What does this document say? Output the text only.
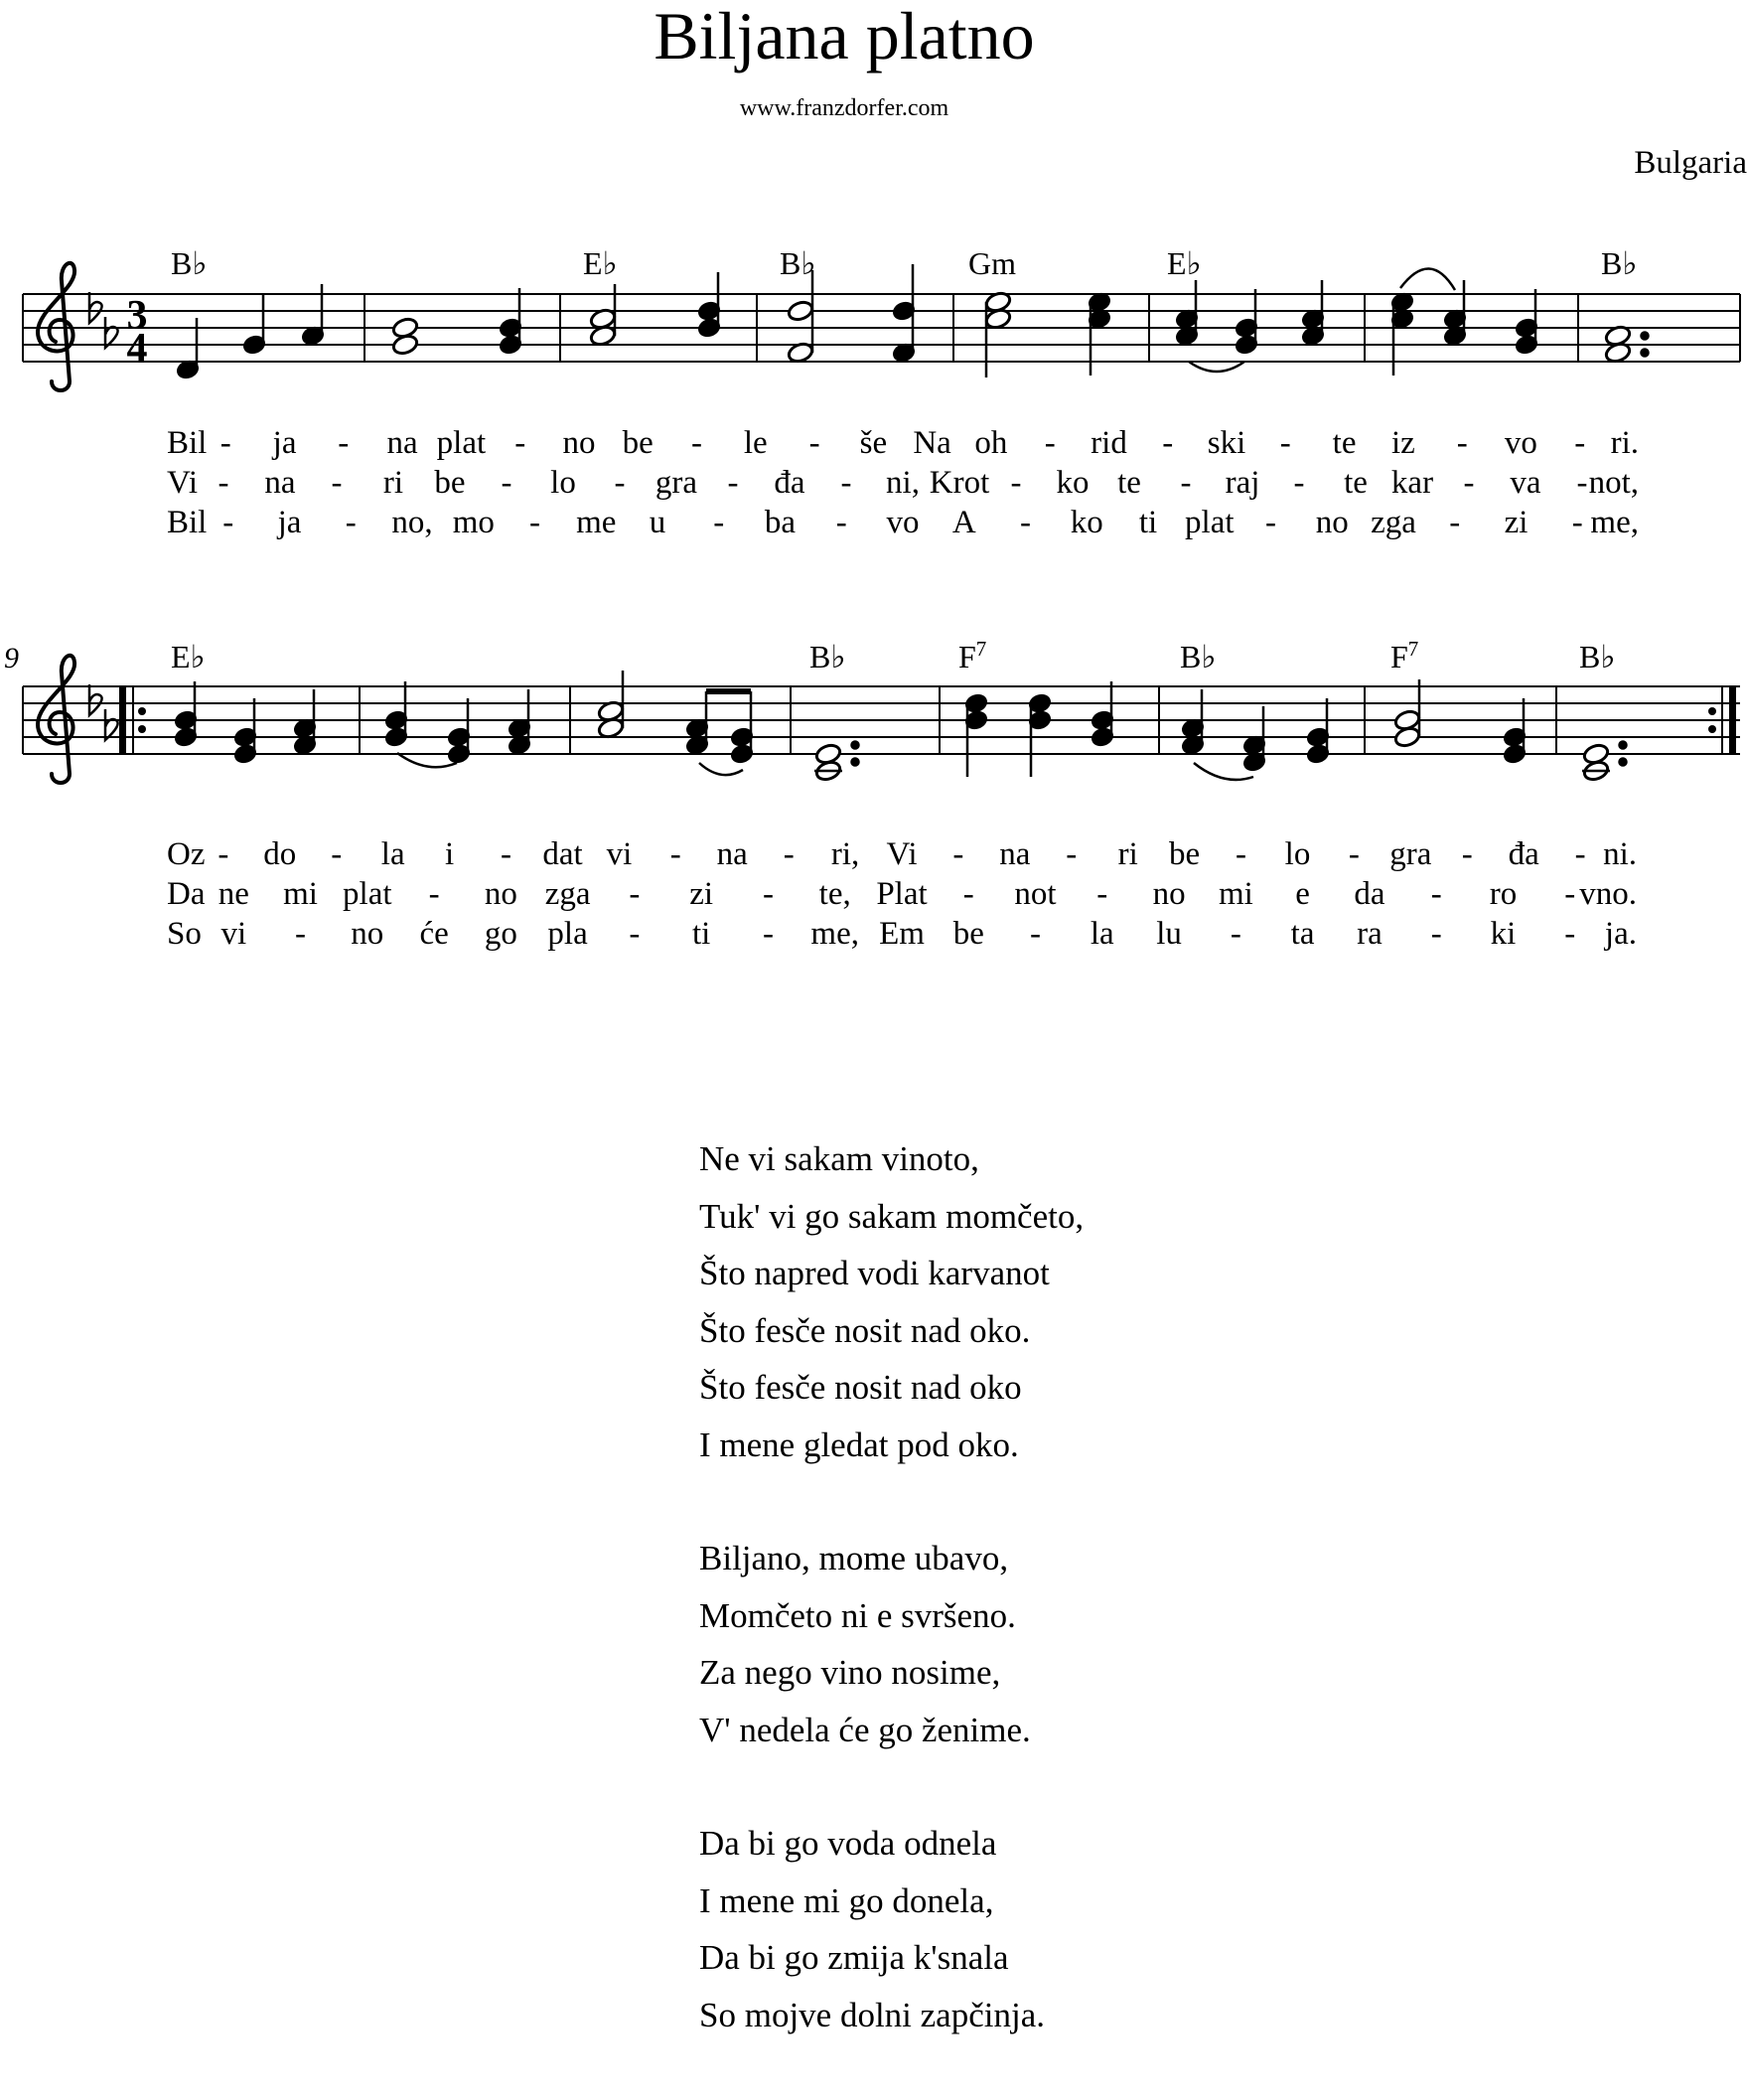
Biljana platno
www.franzdorfer.com
Bulgaria
3
4
B♭	E♭	B♭	Gm	E♭	B♭
Bil - ja - na plat - no be - le - še Na oh - rid - ski - te iz - vo - ri.
Vi - na - ri be - lo - gra - đa - ni, Krot - ko te - raj - te kar - va - not,
Bil - ja - no, mo - me u - ba - vo A - ko ti plat - no zga - zi - me,
9	E♭	B♭	$F^7$	B♭	$F^7$	B♭
Oz - do - la i - dat vi - na - ri, Vi - na - ri be - lo - gra - đa - ni.
Da ne mi plat - no zga - zi - te, Plat - not - no mi e da - ro - vno.
So vi - no će go pla - ti - me, Em be - la lu - ta ra - ki - ja.
Ne vi sakam vinoto,
Tuk' vi go sakam momčeto,
Što napred vodi karvanot
Što fesče nosit nad oko.
Što fesče nosit nad oko
I mene gledat pod oko.
Biljano, mome ubavo,
Momčeto ni e svršeno.
Za nego vino nosime,
V' nedela će go ženime.
Da bi go voda odnela
I mene mi go donela,
Da bi go zmija k'snala
So mojve dolni zapčinja.
